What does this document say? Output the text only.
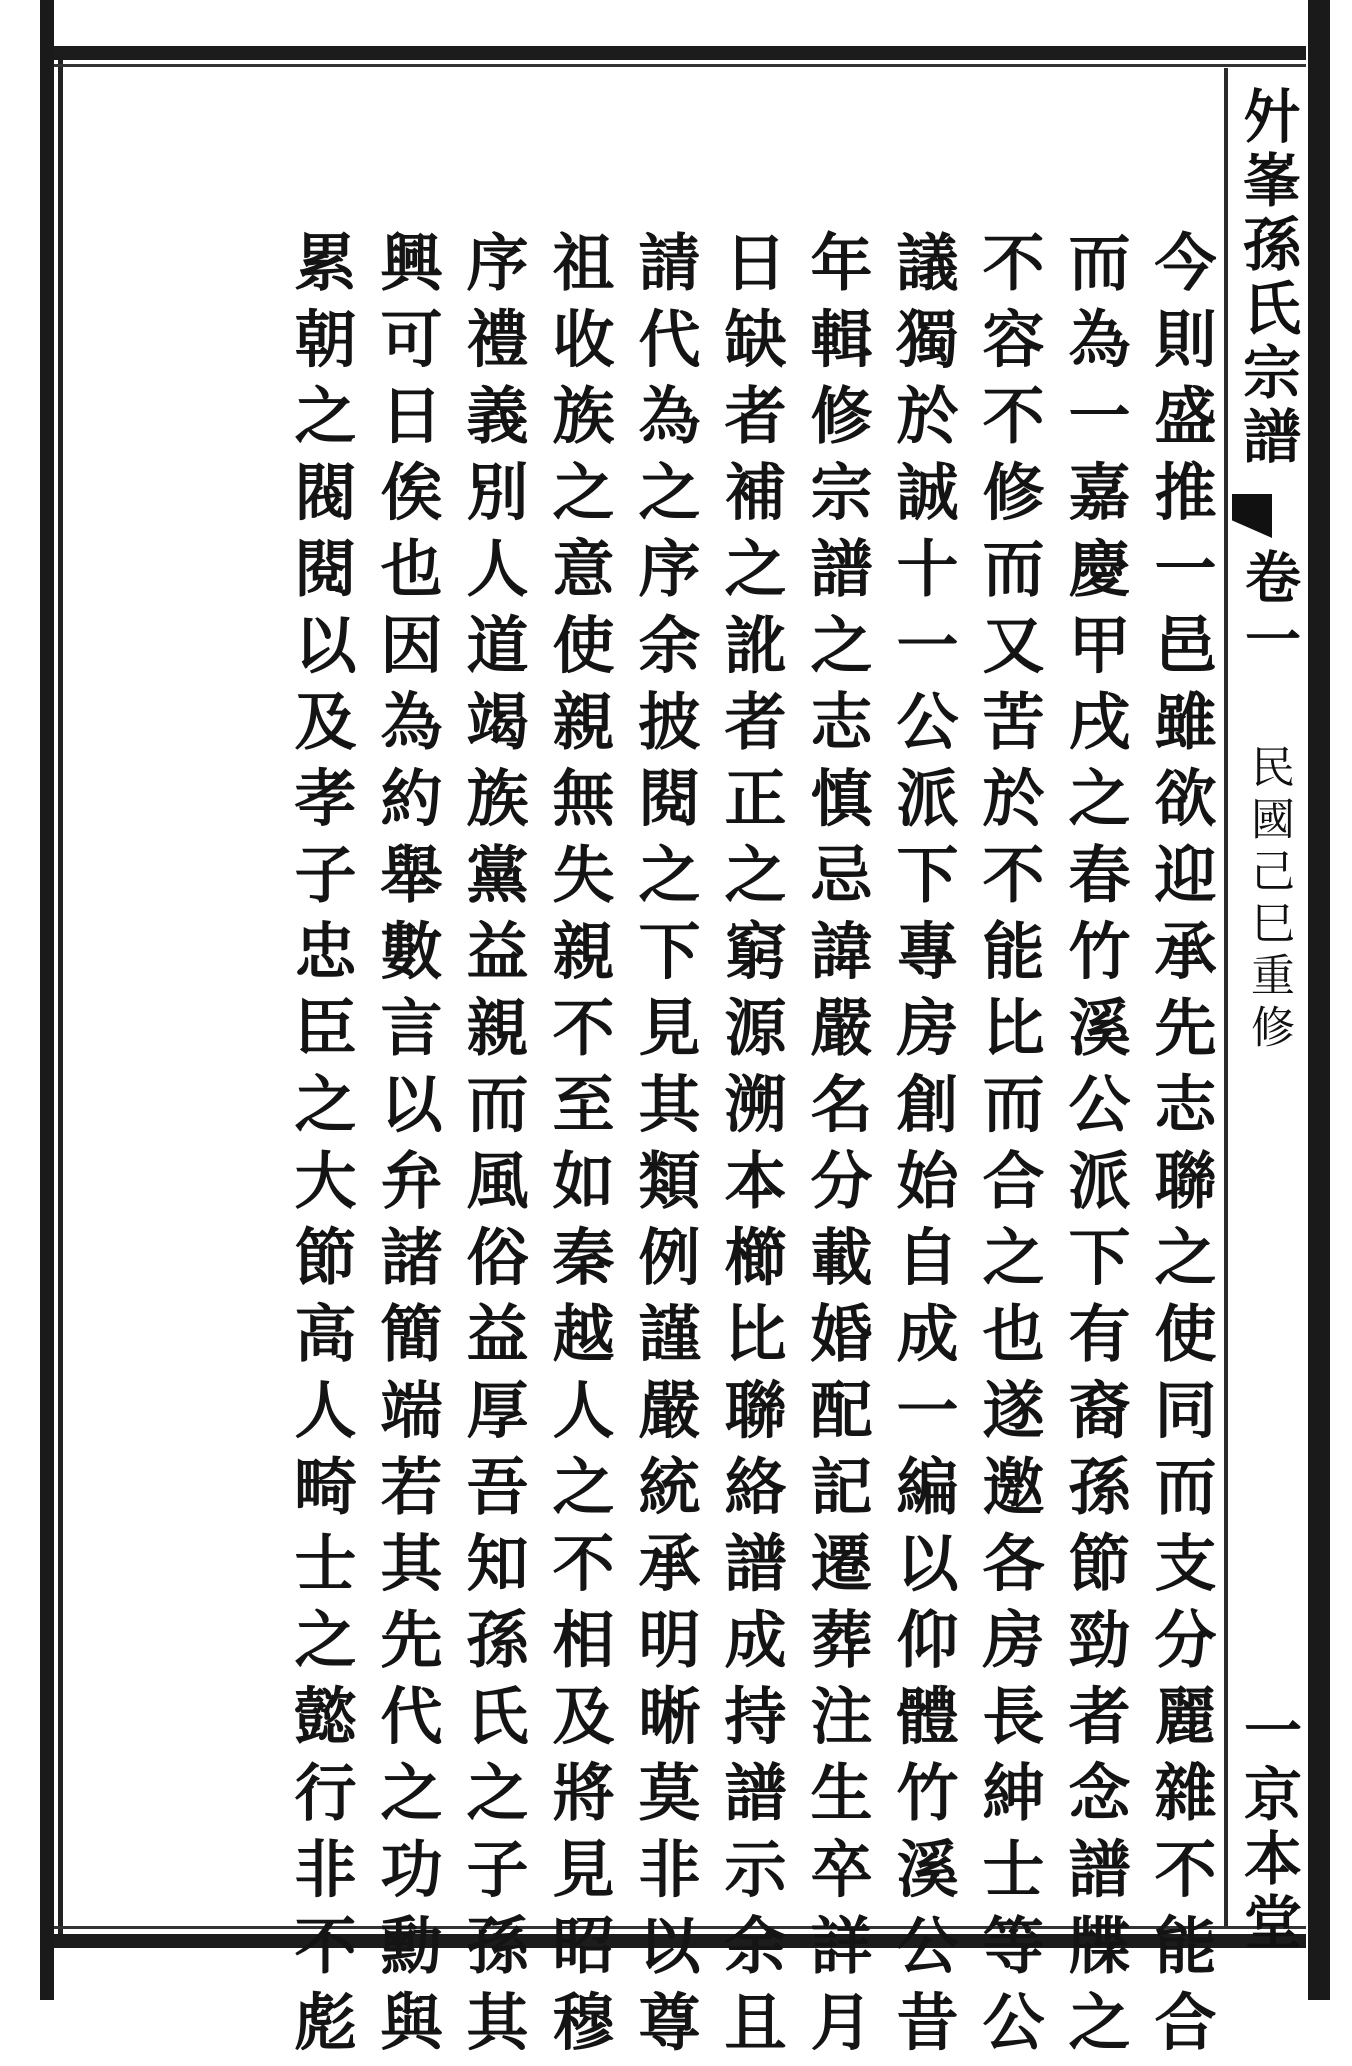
㚈峯孫氏宗譜
卷一
民國己巳重修
一京本堂
今則盛推一邑雖欲迎承先志聯之使同而支分麗雜不能合
而為一嘉慶甲戌之春竹溪公派下有裔孫節勁者念譜牒之
不容不修而又苦於不能比而合之也遂邀各房長紳士等公
議獨於誠十一公派下專房創始自成一編以仰體竹溪公昔
年輯修宗譜之志慎忌諱嚴名分載婚配記遷葬注生卒詳月
日缺者補之訛者正之窮源溯本櫛比聯絡譜成持譜示余且
請代為之序余披閱之下見其類例謹嚴統承明晰莫非以尊
祖收族之意使親無失親不至如秦越人之不相及將見昭穆
序禮義別人道竭族黨益親而風俗益厚吾知孫氏之子孫其
興可日俟也因為約舉數言以弁諸簡端若其先代之功勳與
累朝之閥閱以及孝子忠臣之大節高人畸士之懿行非不彪
